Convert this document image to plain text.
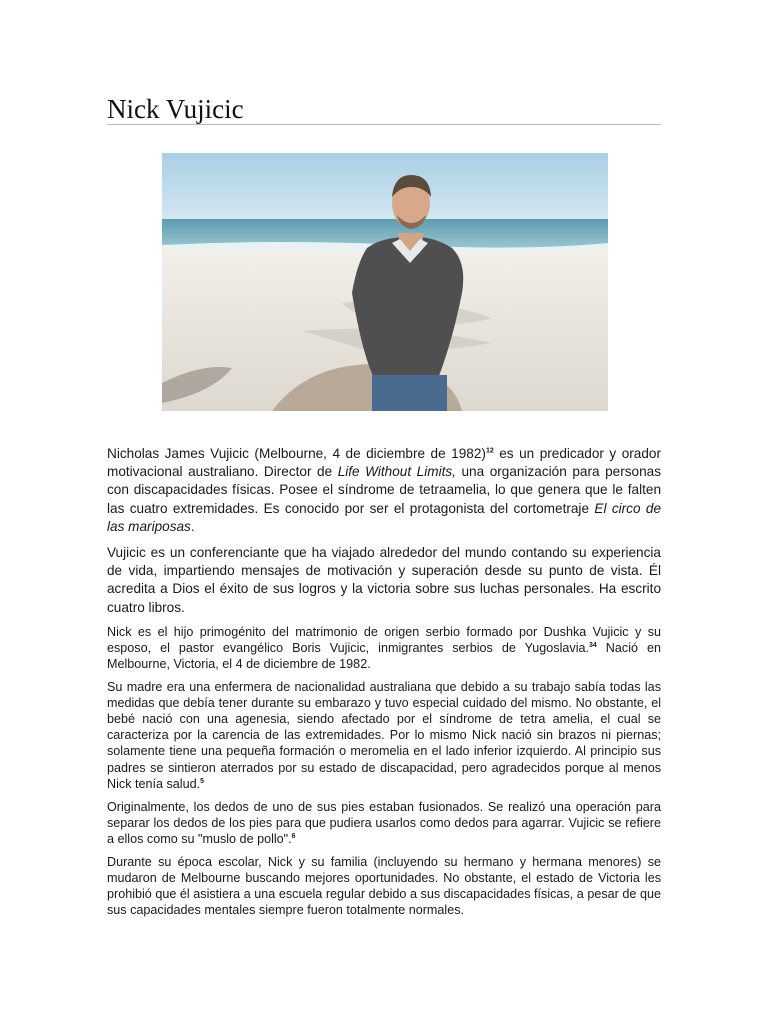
Nick Vujicic

Nicholas James Vujicic (Melbourne, 4 de diciembre de 1982)$^{12}$ es un predicador y orador motivacional australiano. Director de Life Without Limits, una organización para personas con discapacidades físicas. Posee el síndrome de tetraamelia, lo que genera que le falten las cuatro extremidades. Es conocido por ser el protagonista del cortometraje El circo de las mariposas.

Vujicic es un conferenciante que ha viajado alrededor del mundo contando su experiencia de vida, impartiendo mensajes de motivación y superación desde su punto de vista. Él acredita a Dios el éxito de sus logros y la victoria sobre sus luchas personales. Ha escrito cuatro libros.

Nick es el hijo primogénito del matrimonio de origen serbio formado por Dushka Vujicic y su esposo, el pastor evangélico Boris Vujicic, inmigrantes serbios de Yugoslavia.$^{34}$ Nació en Melbourne, Victoria, el 4 de diciembre de 1982.

Su madre era una enfermera de nacionalidad australiana que debido a su trabajo sabía todas las medidas que debía tener durante su embarazo y tuvo especial cuidado del mismo. No obstante, el bebé nació con una agenesia, siendo afectado por el síndrome de tetra amelia, el cual se caracteriza por la carencia de las extremidades. Por lo mismo Nick nació sin brazos ni piernas; solamente tiene una pequeña formación o meromelia en el lado inferior izquierdo. Al principio sus padres se sintieron aterrados por su estado de discapacidad, pero agradecidos porque al menos Nick tenía salud.$^5$

Originalmente, los dedos de uno de sus pies estaban fusionados. Se realizó una operación para separar los dedos de los pies para que pudiera usarlos como dedos para agarrar. Vujicic se refiere a ellos como su "muslo de pollo".$^6$

Durante su época escolar, Nick y su familia (incluyendo su hermano y hermana menores) se mudaron de Melbourne buscando mejores oportunidades. No obstante, el estado de Victoria les prohibió que él asistiera a una escuela regular debido a sus discapacidades físicas, a pesar de que sus capacidades mentales siempre fueron totalmente normales.
